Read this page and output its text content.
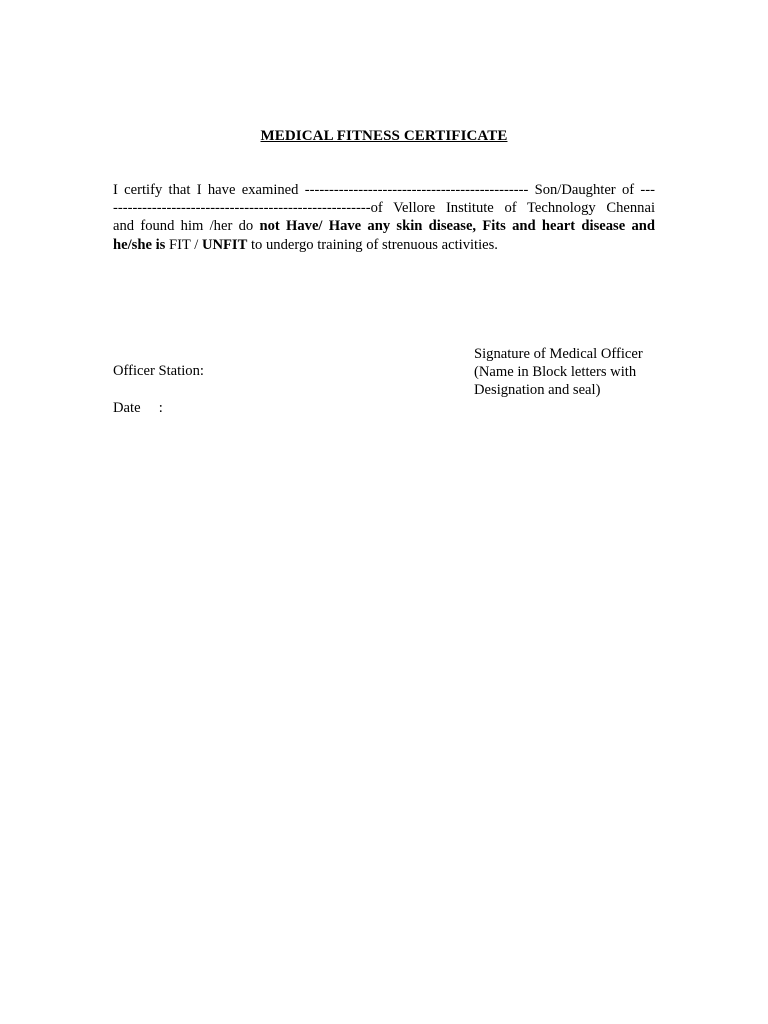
MEDICAL FITNESS CERTIFICATE
I certify that I have examined ---------------------------------------------- Son/Daughter of ---
-----------------------------------------------------of Vellore Institute of Technology Chennai
and found him /her do not Have/ Have any skin disease, Fits and heart disease and
he/she is FIT / UNFIT to undergo training of strenuous activities.
Signature of Medical Officer
(Name in Block letters with
Designation and seal)
Officer Station:
Date     :
